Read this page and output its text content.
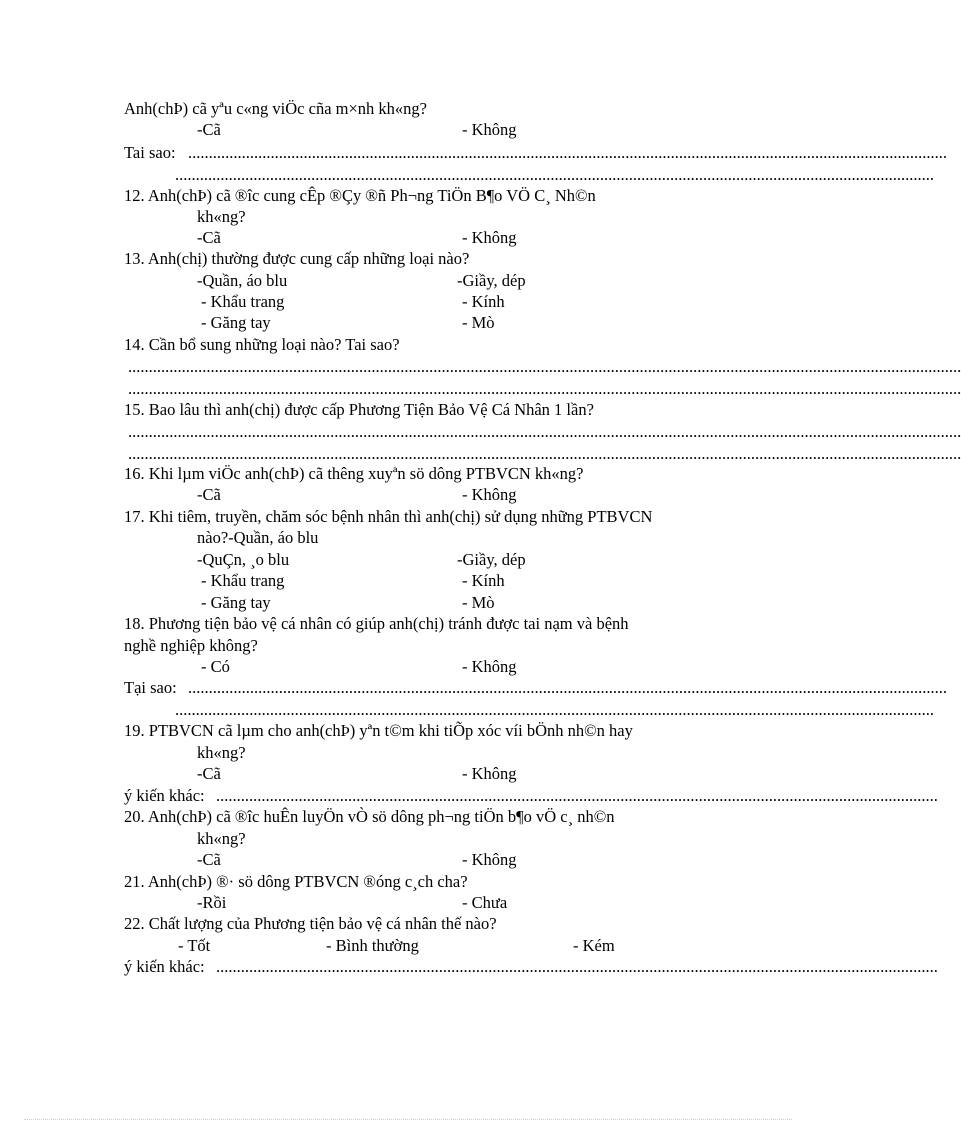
Anh(chÞ) cã yªu c«ng viÖc cña m×nh kh«ng?
-Cã	- Không
Tai sao: ........................................................................................................................................................................................
........................................................................................................................................................................................
12. Anh(chÞ) cã ®îc cung cÊp ®Çy ®ñ Ph¬ng TiÖn B¶o VÖ C¸ Nh©n
kh«ng?
-Cã	- Không
13. Anh(chị) thường được cung cấp những loại nào?
-Quần, áo blu	-Giầy, dép
- Khẩu trang	- Kính
- Găng tay	- Mò
14. Cần bổ sung những loại nào? Tai sao?
..........................................................................................................................................................................................................
..........................................................................................................................................................................................................
15. Bao lâu thì anh(chị) được cấp Phương Tiện Bảo Vệ Cá Nhân 1 lần?
..........................................................................................................................................................................................................
..........................................................................................................................................................................................................
16. Khi lµm viÖc anh(chÞ) cã thêng xuyªn sö dông PTBVCN kh«ng?
-Cã	- Không
17. Khi tiêm, truyền, chăm sóc bệnh nhân thì anh(chị) sử dụng những PTBVCN
nào?-Quần, áo blu
-QuÇn, ¸o blu	-Giầy, dép
- Khẩu trang	- Kính
- Găng tay	- Mò
18. Phương tiện bảo vệ cá nhân có giúp anh(chị) tránh được tai nạm và bệnh
nghề nghiệp không?
- Có	- Không
Tại sao: ........................................................................................................................................................................................
........................................................................................................................................................................................
19. PTBVCN cã lµm cho anh(chÞ) yªn t©m khi tiÕp xóc víi bÖnh nh©n hay
kh«ng?
-Cã	- Không
ý kiến khác: ...............................................................................................................................................................................
20. Anh(chÞ) cã ®îc huÊn luyÖn vÒ sö dông ph¬ng tiÖn b¶o vÖ c¸ nh©n
kh«ng?
-Cã	- Không
21. Anh(chÞ) ®· sö dông PTBVCN ®óng c¸ch cha?
-Rồi	- Chưa
22. Chất lượng của Phương tiện bảo vệ cá nhân thế nào?
- Tốt	- Bình thường	- Kém
ý kiến khác: ...............................................................................................................................................................................
